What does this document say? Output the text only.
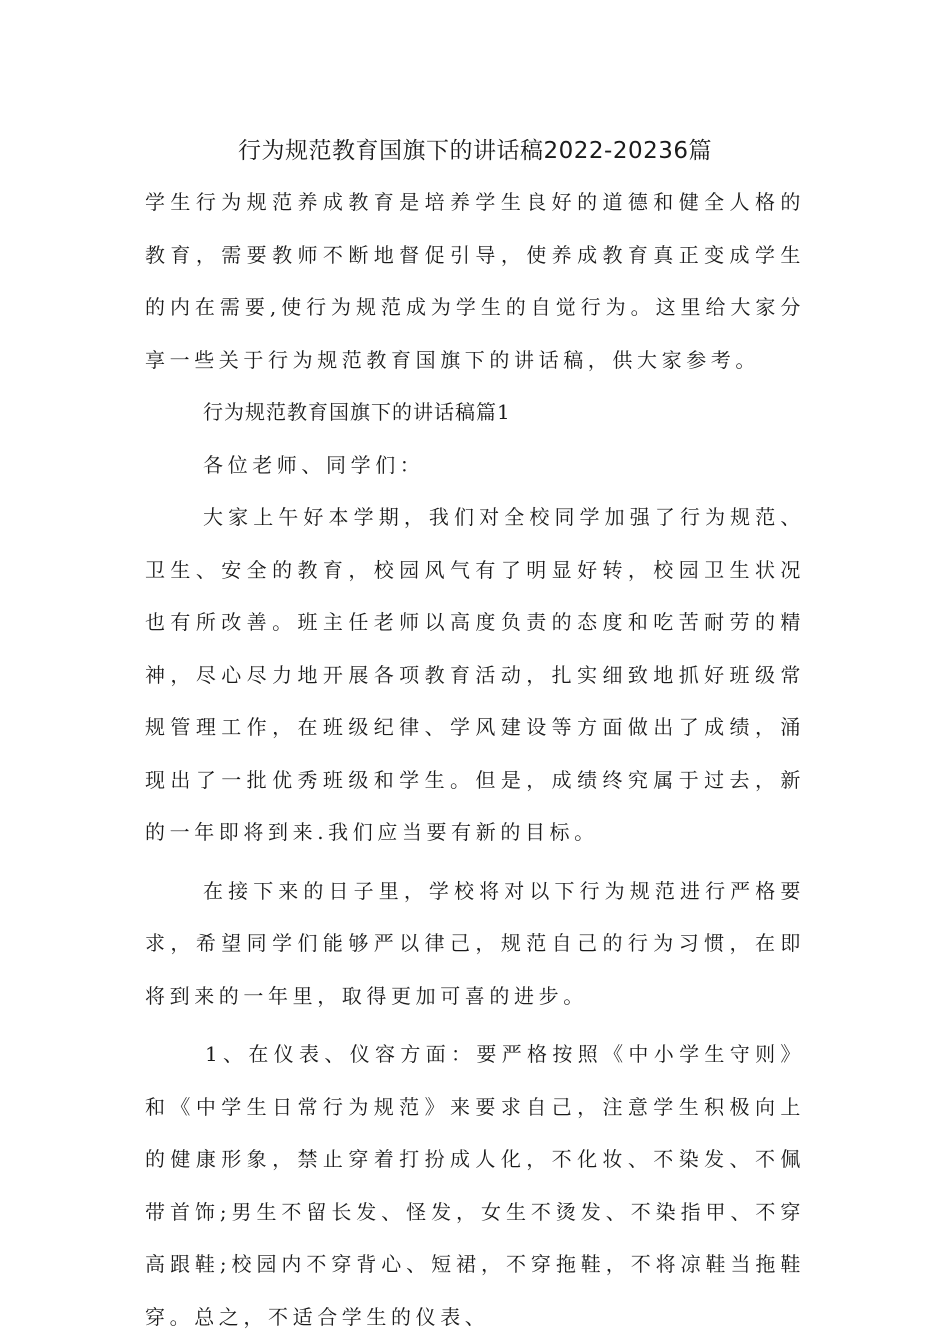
行为规范教育国旗下的讲话稿2022-20236篇

学生行为规范养成教育是培养学生良好的道德和健全人格的教育，需要教师不断地督促引导，使养成教育真正变成学生的内在需要,使行为规范成为学生的自觉行为。这里给大家分享一些关于行为规范教育国旗下的讲话稿，供大家参考。

行为规范教育国旗下的讲话稿篇1

各位老师、同学们：

大家上午好本学期，我们对全校同学加强了行为规范、卫生、安全的教育，校园风气有了明显好转，校园卫生状况也有所改善。班主任老师以高度负责的态度和吃苦耐劳的精神，尽心尽力地开展各项教育活动，扎实细致地抓好班级常规管理工作，在班级纪律、学风建设等方面做出了成绩，涌现出了一批优秀班级和学生。但是，成绩终究属于过去，新的一年即将到来.我们应当要有新的目标。

在接下来的日子里，学校将对以下行为规范进行严格要求，希望同学们能够严以律己，规范自己的行为习惯，在即将到来的一年里，取得更加可喜的进步。

1、在仪表、仪容方面：要严格按照《中小学生守则》和《中学生日常行为规范》来要求自己，注意学生积极向上的健康形象，禁止穿着打扮成人化，不化妆、不染发、不佩带首饰;男生不留长发、怪发，女生不烫发、不染指甲、不穿高跟鞋;校园内不穿背心、短裙，不穿拖鞋，不将凉鞋当拖鞋穿。总之，不适合学生的仪表、
